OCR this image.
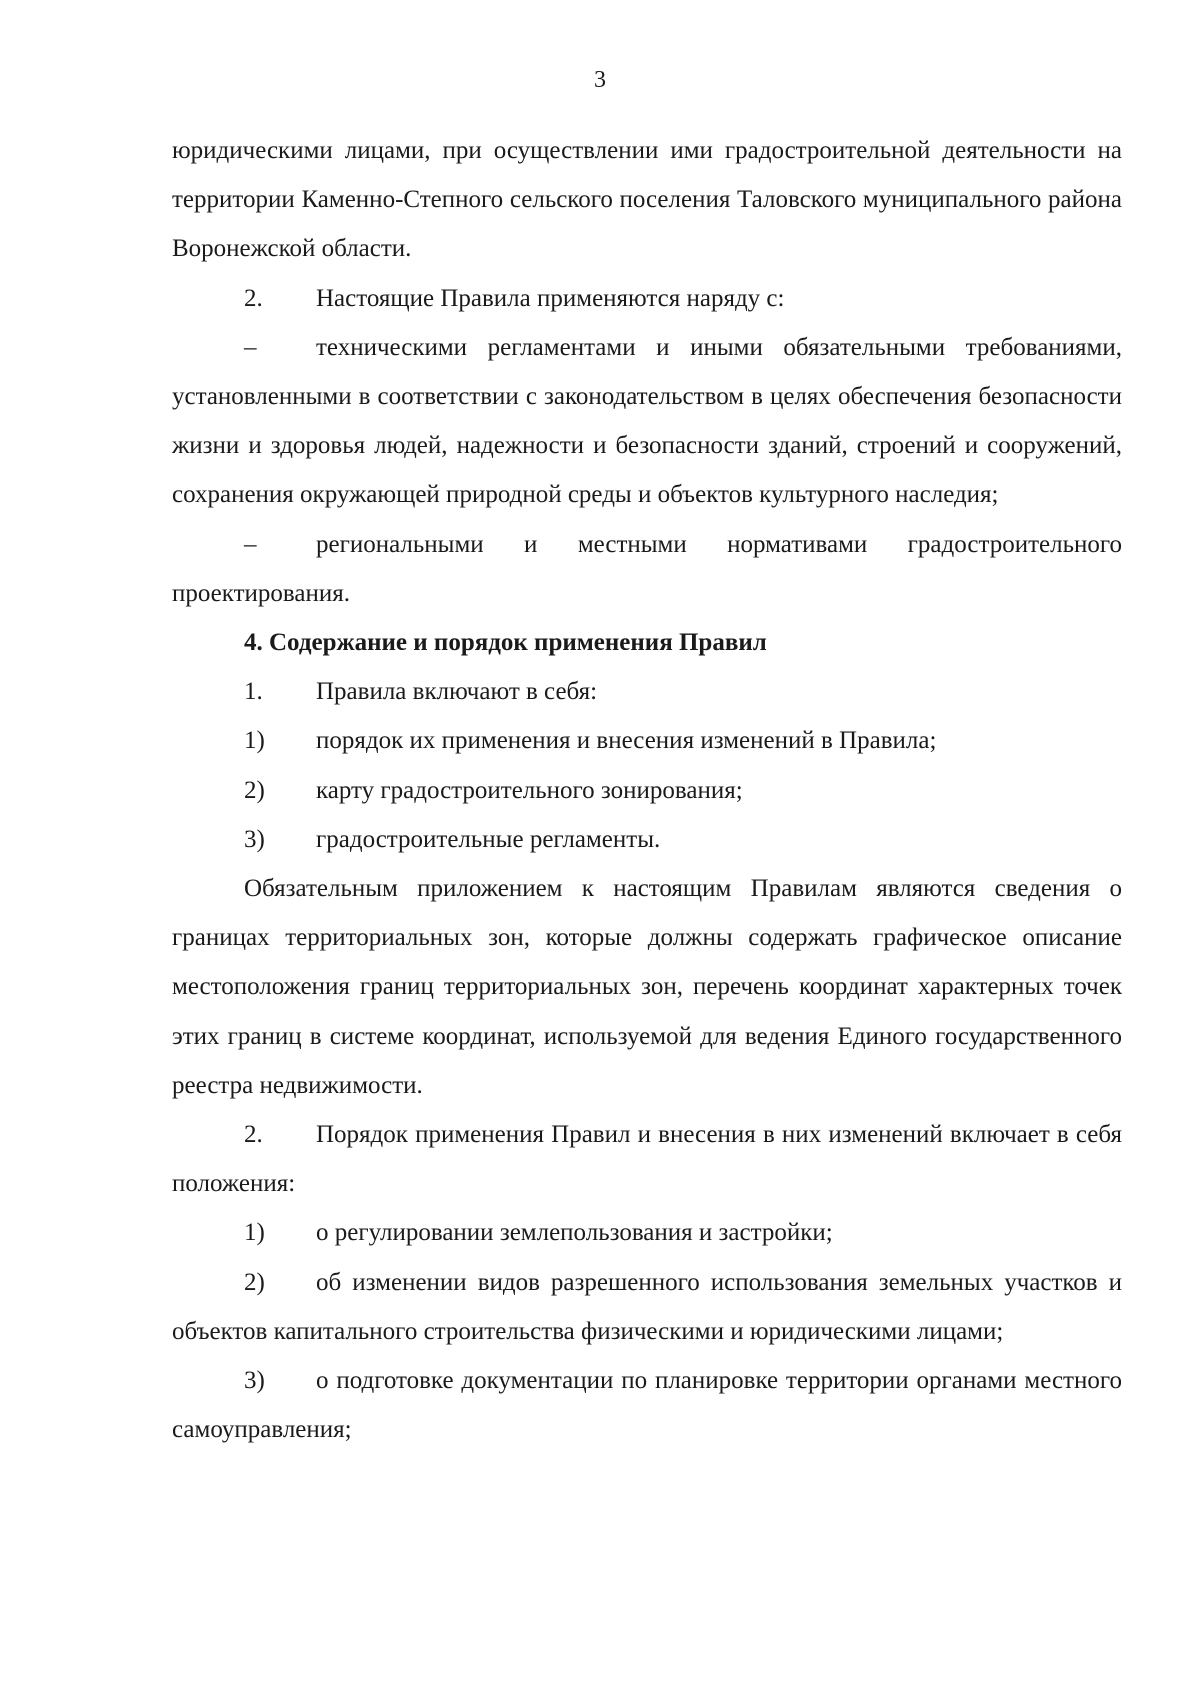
3

юридическими лицами, при осуществлении ими градостроительной деятельности на территории Каменно-Степного сельского поселения Таловского муниципального района Воронежской области.

2. Настоящие Правила применяются наряду с:

– техническими регламентами и иными обязательными требованиями, установленными в соответствии с законодательством в целях обеспечения безопасности жизни и здоровья людей, надежности и безопасности зданий, строений и сооружений, сохранения окружающей природной среды и объектов культурного наследия;

– региональными и местными нормативами градостроительного проектирования.

4. Содержание и порядок применения Правил

1. Правила включают в себя:

1) порядок их применения и внесения изменений в Правила;

2) карту градостроительного зонирования;

3) градостроительные регламенты.

Обязательным приложением к настоящим Правилам являются сведения о границах территориальных зон, которые должны содержать графическое описание местоположения границ территориальных зон, перечень координат характерных точек этих границ в системе координат, используемой для ведения Единого государственного реестра недвижимости.

2. Порядок применения Правил и внесения в них изменений включает в себя положения:

1) о регулировании землепользования и застройки;

2) об изменении видов разрешенного использования земельных участков и объектов капитального строительства физическими и юридическими лицами;

3) о подготовке документации по планировке территории органами местного самоуправления;
